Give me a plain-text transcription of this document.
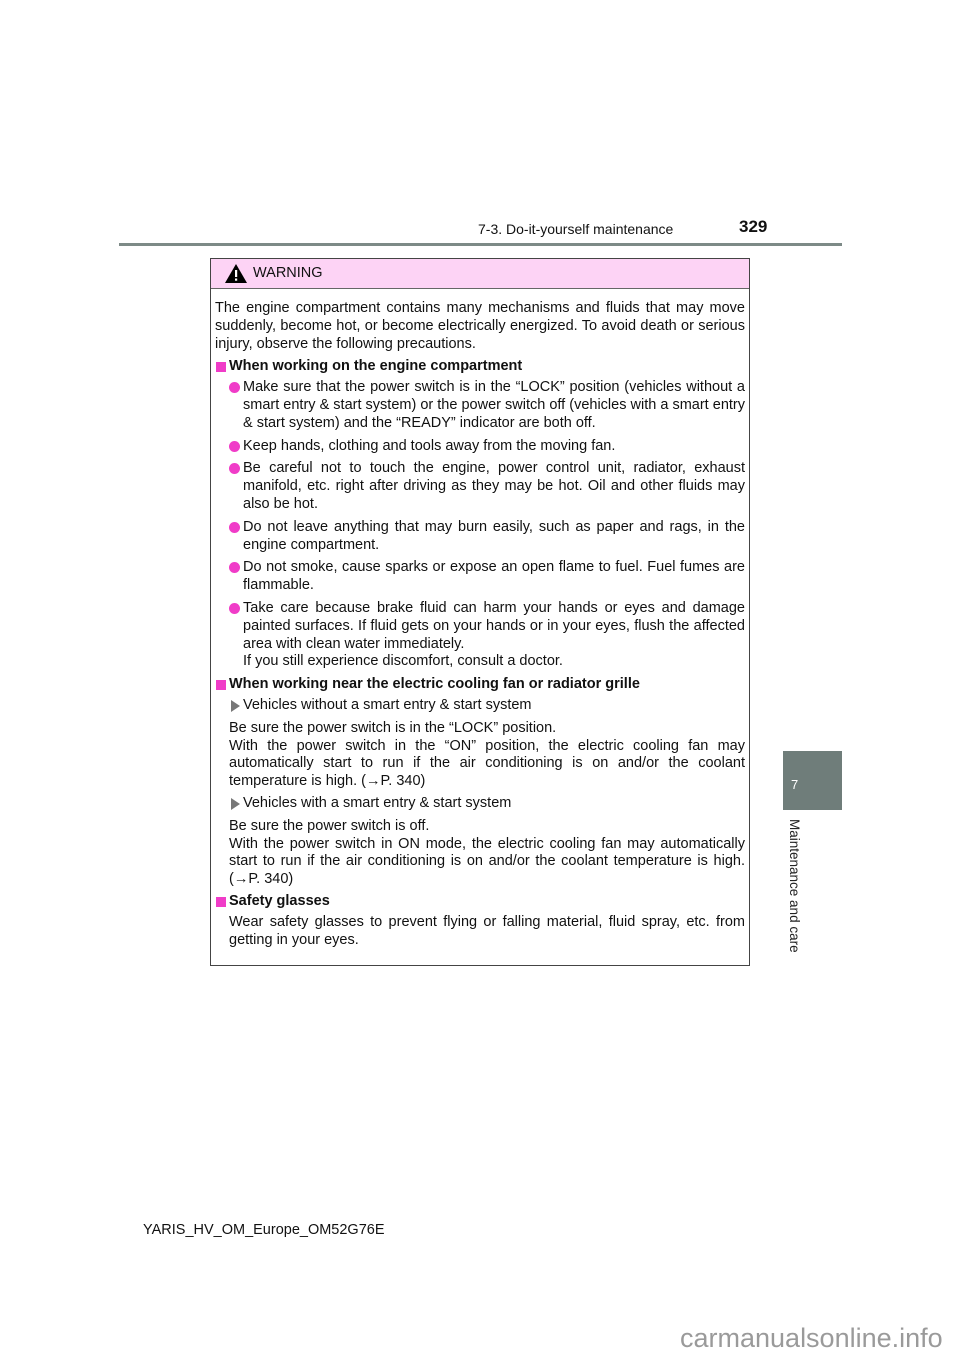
7-3. Do-it-yourself maintenance	329
7
Maintenance and care
WARNING

The engine compartment contains many mechanisms and fluids that may move suddenly, become hot, or become electrically energized. To avoid death or serious injury, observe the following precautions.

When working on the engine compartment
Make sure that the power switch is in the “LOCK” position (vehicles without a smart entry & start system) or the power switch off (vehicles with a smart entry & start system) and the “READY” indicator are both off.
Keep hands, clothing and tools away from the moving fan.
Be careful not to touch the engine, power control unit, radiator, exhaust manifold, etc. right after driving as they may be hot. Oil and other fluids may also be hot.
Do not leave anything that may burn easily, such as paper and rags, in the engine compartment.
Do not smoke, cause sparks or expose an open flame to fuel. Fuel fumes are flammable.
Take care because brake fluid can harm your hands or eyes and damage painted surfaces. If fluid gets on your hands or in your eyes, flush the affected area with clean water immediately.
If you still experience discomfort, consult a doctor.
When working near the electric cooling fan or radiator grille
Vehicles without a smart entry & start system
Be sure the power switch is in the “LOCK” position.

With the power switch in the “ON” position, the electric cooling fan may automatically start to run if the air conditioning is on and/or the coolant temperature is high. (→P. 340)

Vehicles with a smart entry & start system
Be sure the power switch is off.

With the power switch in ON mode, the electric cooling fan may automatically start to run if the air conditioning is on and/or the coolant temperature is high. (→P. 340)

Safety glasses

Wear safety glasses to prevent flying or falling material, fluid spray, etc. from getting in your eyes.

YARIS_HV_OM_Europe_OM52G76E
carmanualsonline.info
